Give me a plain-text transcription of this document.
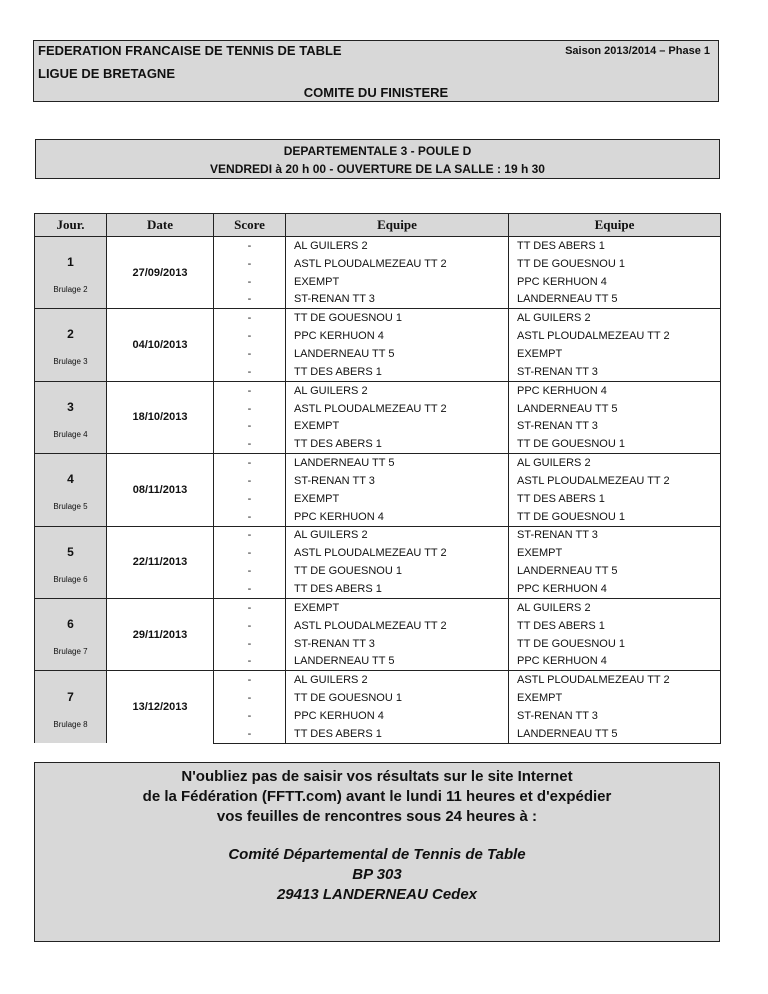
FEDERATION FRANCAISE DE TENNIS DE TABLE
LIGUE DE BRETAGNE
Saison 2013/2014 – Phase 1
COMITE DU FINISTERE
DEPARTEMENTALE 3 - POULE D
VENDREDI à 20 h 00 - OUVERTURE DE LA SALLE : 19 h 30
Jour.	Date	Score	Equipe	Equipe

1
Brulage 2	27/09/2013	-	AL GUILERS 2	TT DES ABERS 1
		-	ASTL PLOUDALMEZEAU TT 2	TT DE GOUESNOU 1
		-	EXEMPT	PPC KERHUON 4
		-	ST-RENAN TT 3	LANDERNEAU TT 5

2
Brulage 3	04/10/2013	-	TT DE GOUESNOU 1	AL GUILERS 2
		-	PPC KERHUON 4	ASTL PLOUDALMEZEAU TT 2
		-	LANDERNEAU TT 5	EXEMPT
		-	TT DES ABERS 1	ST-RENAN TT 3

3
Brulage 4	18/10/2013	-	AL GUILERS 2	PPC KERHUON 4
		-	ASTL PLOUDALMEZEAU TT 2	LANDERNEAU TT 5
		-	EXEMPT	ST-RENAN TT 3
		-	TT DES ABERS 1	TT DE GOUESNOU 1

4
Brulage 5	08/11/2013	-	LANDERNEAU TT 5	AL GUILERS 2
		-	ST-RENAN TT 3	ASTL PLOUDALMEZEAU TT 2
		-	EXEMPT	TT DES ABERS 1
		-	PPC KERHUON 4	TT DE GOUESNOU 1

5
Brulage 6	22/11/2013	-	AL GUILERS 2	ST-RENAN TT 3
		-	ASTL PLOUDALMEZEAU TT 2	EXEMPT
		-	TT DE GOUESNOU 1	LANDERNEAU TT 5
		-	TT DES ABERS 1	PPC KERHUON 4

6
Brulage 7	29/11/2013	-	EXEMPT	AL GUILERS 2
		-	ASTL PLOUDALMEZEAU TT 2	TT DES ABERS 1
		-	ST-RENAN TT 3	TT DE GOUESNOU 1
		-	LANDERNEAU TT 5	PPC KERHUON 4

7
Brulage 8	13/12/2013	-	AL GUILERS 2	ASTL PLOUDALMEZEAU TT 2
		-	TT DE GOUESNOU 1	EXEMPT
		-	PPC KERHUON 4	ST-RENAN TT 3
		-	TT DES ABERS 1	LANDERNEAU TT 5
N'oubliez pas de saisir vos résultats sur le site Internet
de la Fédération (FFTT.com) avant le lundi 11 heures et d'expédier
vos feuilles de rencontres sous 24 heures à :
Comité Départemental de Tennis de Table
BP 303
29413 LANDERNEAU Cedex
